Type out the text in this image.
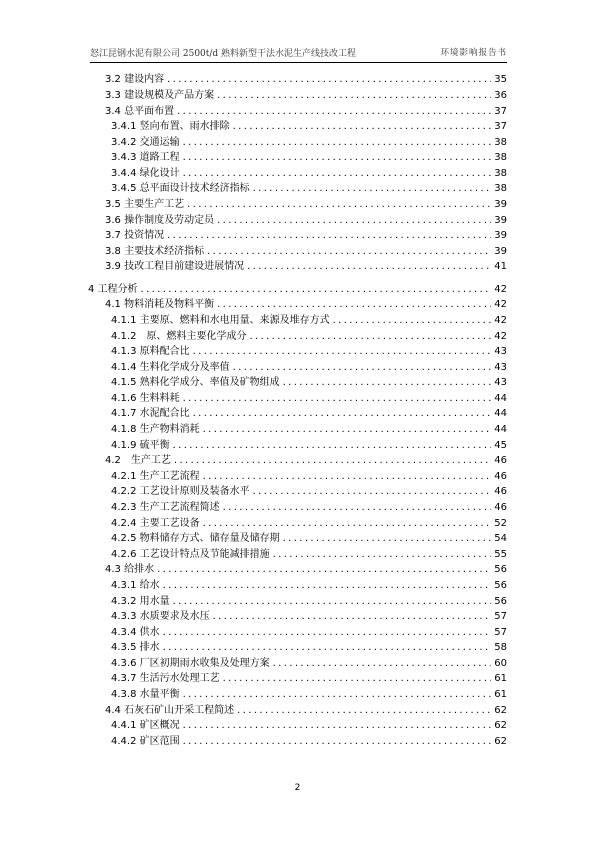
怒江昆钢水泥有限公司 2500t/d 熟料新型干法水泥生产线技改工程	环境影响报告书
3.2 建设内容 . . .	35
3.3 建设规模及产品方案 . . .	36
3.4 总平面布置 . . .	37
3.4.1 竖向布置、雨水排除 . . .	37
3.4.2 交通运输 . . .	38
3.4.3 道路工程 . . .	38
3.4.4 绿化设计 . . .	38
3.4.5 总平面设计技术经济指标 . . .	38
3.5 主要生产工艺 . . .	39
3.6 操作制度及劳动定员 . . .	39
3.7 投资情况 . . .	39
3.8 主要技术经济指标 . . .	39
3.9 技改工程目前建设进展情况 . . .	41
4 工程分析 . . .	42
4.1 物料消耗及物料平衡 . . .	42
4.1.1 主要原、燃料和水电用量、来源及堆存方式 . . .	42
4.1.2　原、燃料主要化学成分 . . .	42
4.1.3 原料配合比 . . .	43
4.1.4 生料化学成分及率值 . . .	43
4.1.5 熟料化学成分、率值及矿物组成 . . .	43
4.1.6 生料料耗 . . .	44
4.1.7 水泥配合比 . . .	44
4.1.8 生产物料消耗 . . .	44
4.1.9 硫平衡 . . .	45
4.2　生产工艺 . . .	46
4.2.1 生产工艺流程 . . .	46
4.2.2 工艺设计原则及装备水平 . . .	46
4.2.3 生产工艺流程简述 . . .	46
4.2.4 主要工艺设备 . . .	52
4.2.5 物料储存方式、储存量及储存期 . . .	54
4.2.6 工艺设计特点及节能减排措施 . . .	55
4.3 给排水 . . .	56
4.3.1 给水 . . .	56
4.3.2 用水量 . . .	56
4.3.3 水质要求及水压 . . .	57
4.3.4 供水 . . .	57
4.3.5 排水 . . .	58
4.3.6 厂区初期雨水收集及处理方案 . . .	60
4.3.7 生活污水处理工艺 . . .	61
4.3.8 水量平衡 . . .	61
4.4 石灰石矿山开采工程简述 . . .	62
4.4.1 矿区概况 . . .	62
4.4.2 矿区范围 . . .	62
2
